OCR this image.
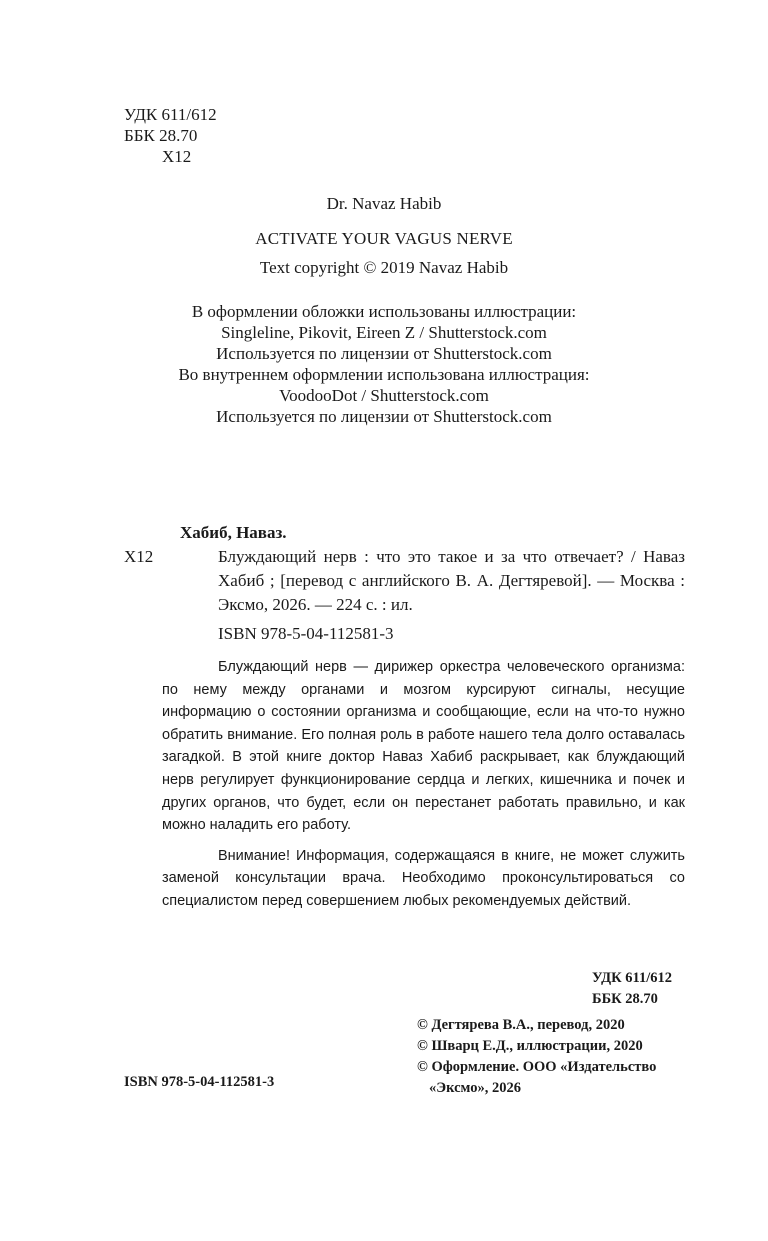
УДК 611/612
ББК 28.70
Х12
Dr. Navaz Habib
ACTIVATE YOUR VAGUS NERVE
Text copyright © 2019 Navaz Habib
В оформлении обложки использованы иллюстрации:
Singleline, Pikovit, Eireen Z / Shutterstock.com
Используется по лицензии от Shutterstock.com
Во внутреннем оформлении использована иллюстрация:
VoodooDot / Shutterstock.com
Используется по лицензии от Shutterstock.com
Хабиб, Наваз.
Х12	Блуждающий нерв : что это такое и за что отвечает? / Наваз Хабиб ; [перевод с английского В. А. Дегтяревой]. — Москва : Эксмо, 2026. — 224 с. : ил.
ISBN 978-5-04-112581-3

Блуждающий нерв — дирижер оркестра человеческого организма: по нему между органами и мозгом курсируют сигналы, несущие информацию о состоянии организма и сообщающие, если на что-то нужно обратить внимание. Его полная роль в работе нашего тела долго оставалась загадкой. В этой книге доктор Наваз Хабиб раскрывает, как блуждающий нерв регулирует функционирование сердца и легких, кишечника и почек и других органов, что будет, если он перестанет работать правильно, и как можно наладить его работу.

Внимание! Информация, содержащаяся в книге, не может служить заменой консультации врача. Необходимо проконсультироваться со специалистом перед совершением любых рекомендуемых действий.

УДК 611/612
ББК 28.70
ISBN 978-5-04-112581-3
© Дегтярева В.А., перевод, 2020
© Шварц Е.Д., иллюстрации, 2020
© Оформление. ООО «Издательство
«Эксмо», 2026
